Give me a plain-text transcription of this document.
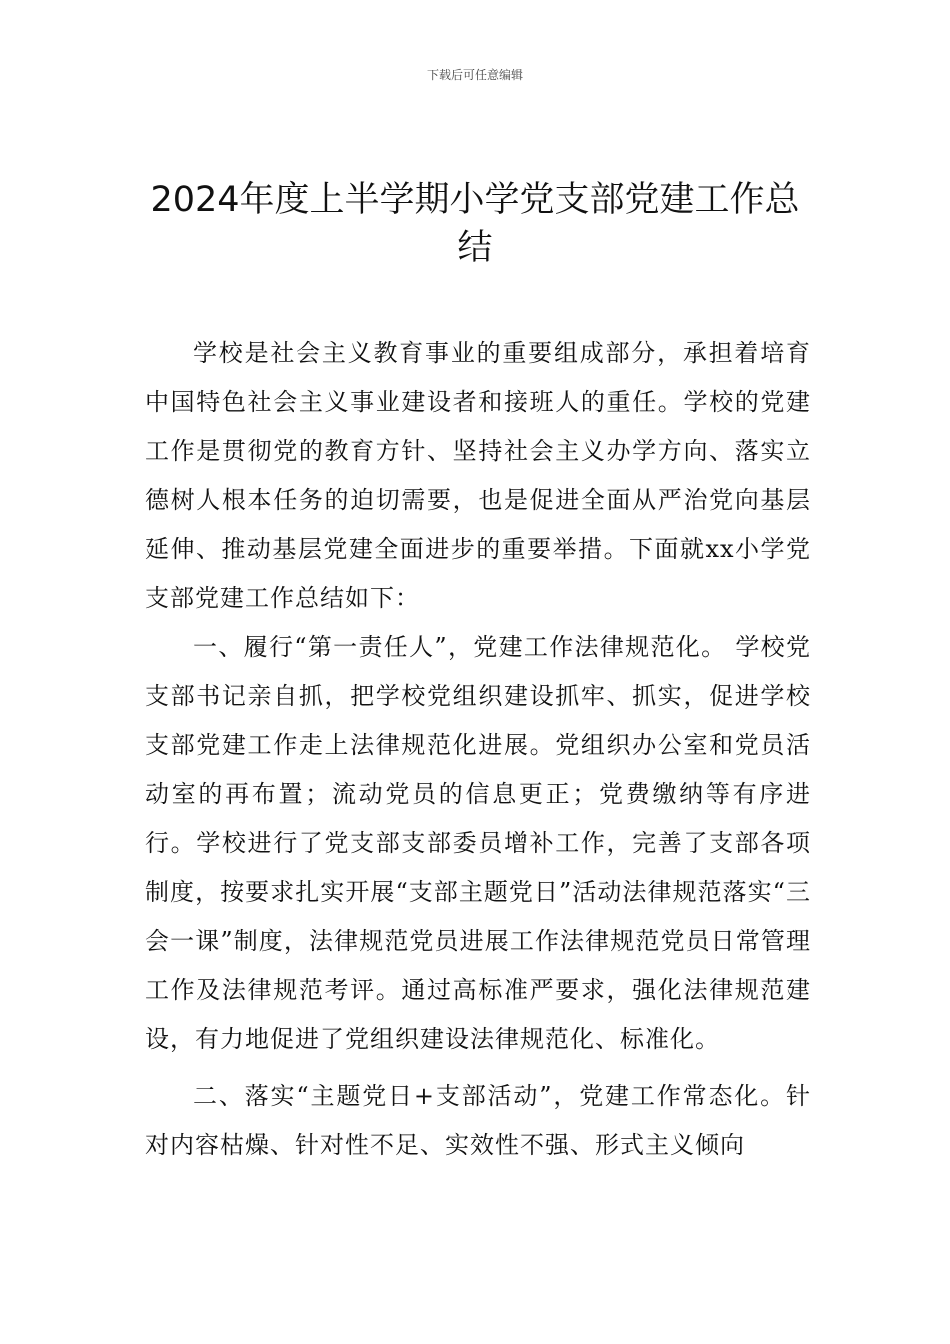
下载后可任意编辑
2024年度上半学期小学党支部党建工作总结

学校是社会主义教育事业的重要组成部分，承担着培育中国特色社会主义事业建设者和接班人的重任。学校的党建工作是贯彻党的教育方针、坚持社会主义办学方向、落实立德树人根本任务的迫切需要，也是促进全面从严治党向基层延伸、推动基层党建全面进步的重要举措。下面就xx小学党支部党建工作总结如下：

一、履行“第一责任人”，党建工作法律规范化。 学校党支部书记亲自抓，把学校党组织建设抓牢、抓实，促进学校支部党建工作走上法律规范化进展。党组织办公室和党员活动室的再布置；流动党员的信息更正；党费缴纳等有序进行。学校进行了党支部支部委员增补工作，完善了支部各项制度，按要求扎实开展“支部主题党日”活动法律规范落实“三会一课”制度，法律规范党员进展工作法律规范党员日常管理工作及法律规范考评。通过高标准严要求，强化法律规范建设，有力地促进了党组织建设法律规范化、标准化。

二、落实“主题党日+支部活动”，党建工作常态化。针对内容枯燥、针对性不足、实效性不强、形式主义倾向
